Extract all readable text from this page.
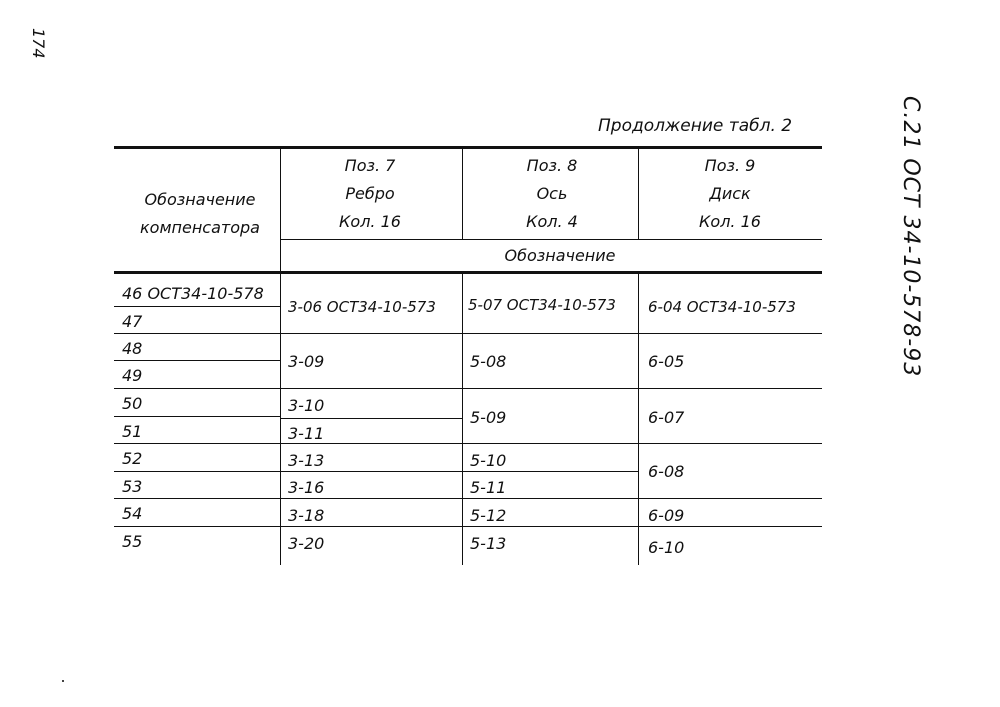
174
С.21 ОСТ 34-10-578-93
Продолжение табл. 2
Обозначение
компенсатора
Поз. 7
Ребро
Кол. 16
Поз. 8
Ось
Кол. 4
Поз. 9
Диск
Кол. 16
Обозначение
46 ОСТ34-10-578
47
48
49
50
51
52
53
54
55
3-06 ОСТ34-10-573
3-09
3-10
3-11
3-13
3-16
3-18
3-20
5-07 ОСТ34-10-573
5-08
5-09
5-10
5-11
5-12
5-13
6-04 ОСТ34-10-573
6-05
6-07
6-08
6-09
6-10
